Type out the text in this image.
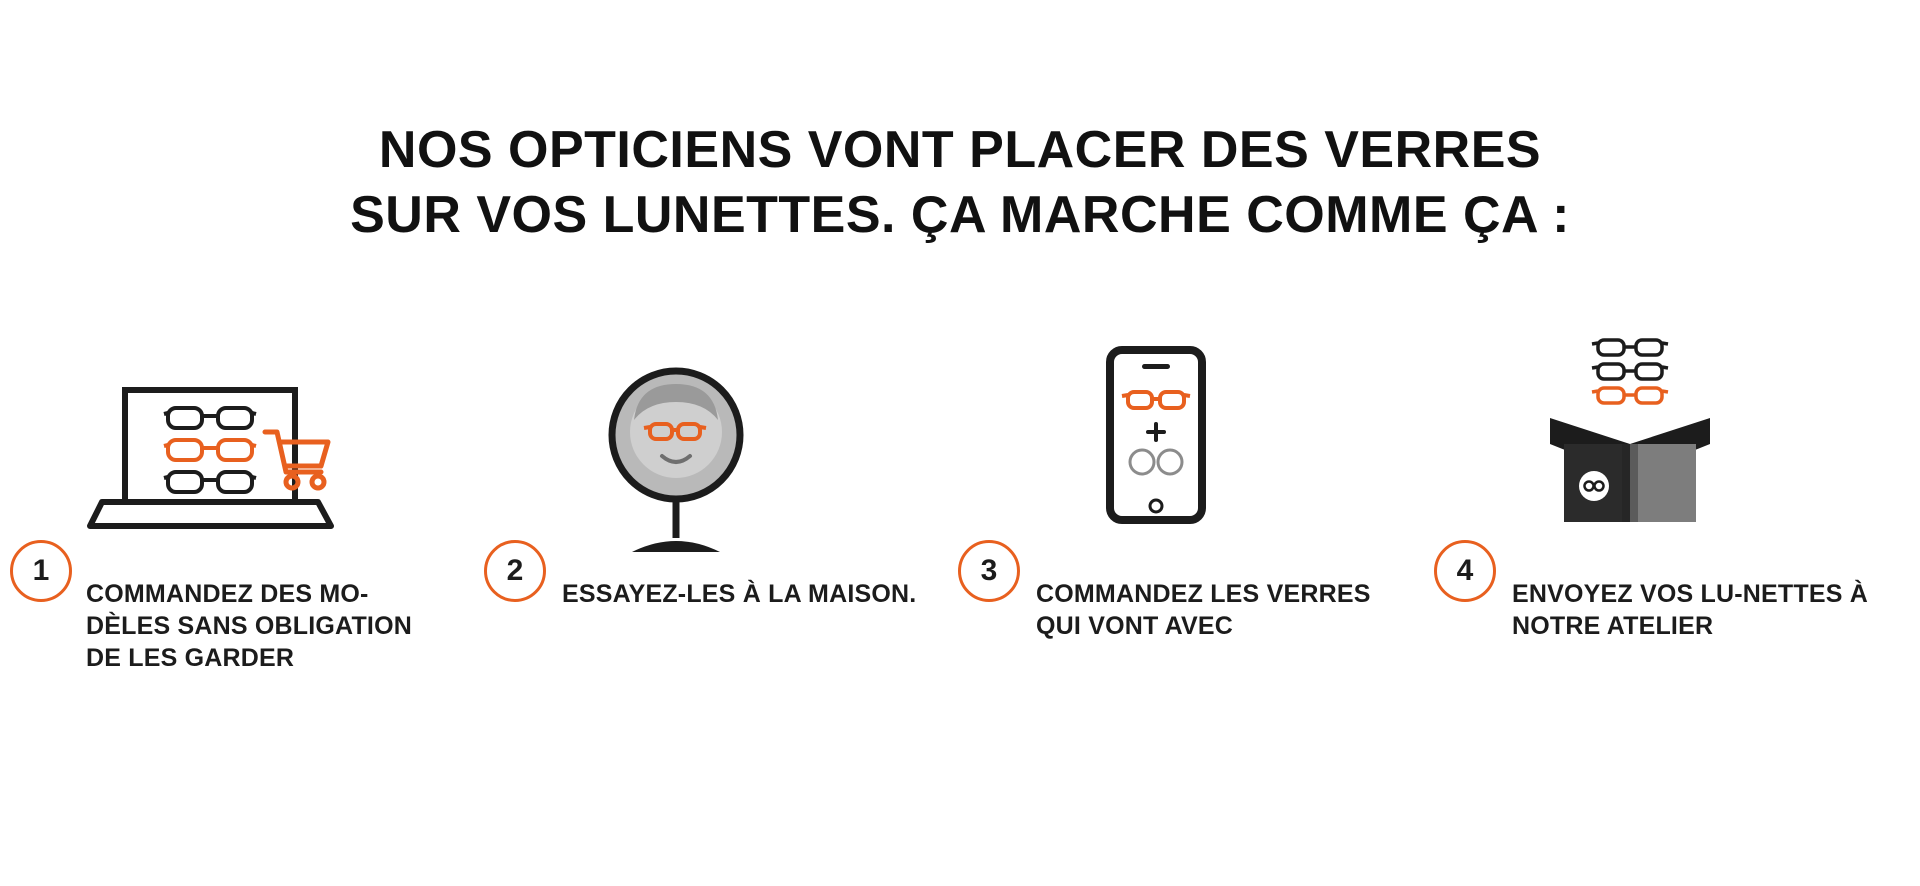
NOS OPTICIENS VONT PLACER DES VERRES
SUR VOS LUNETTES. ÇA MARCHE COMME ÇA :
1
COMMANDEZ DES MO-DÈLES SANS OBLIGATION DE LES GARDER
2
ESSAYEZ-LES À LA MAISON.
3
COMMANDEZ LES VERRES QUI VONT AVEC
4
ENVOYEZ VOS LU-NETTES À NOTRE ATELIER
